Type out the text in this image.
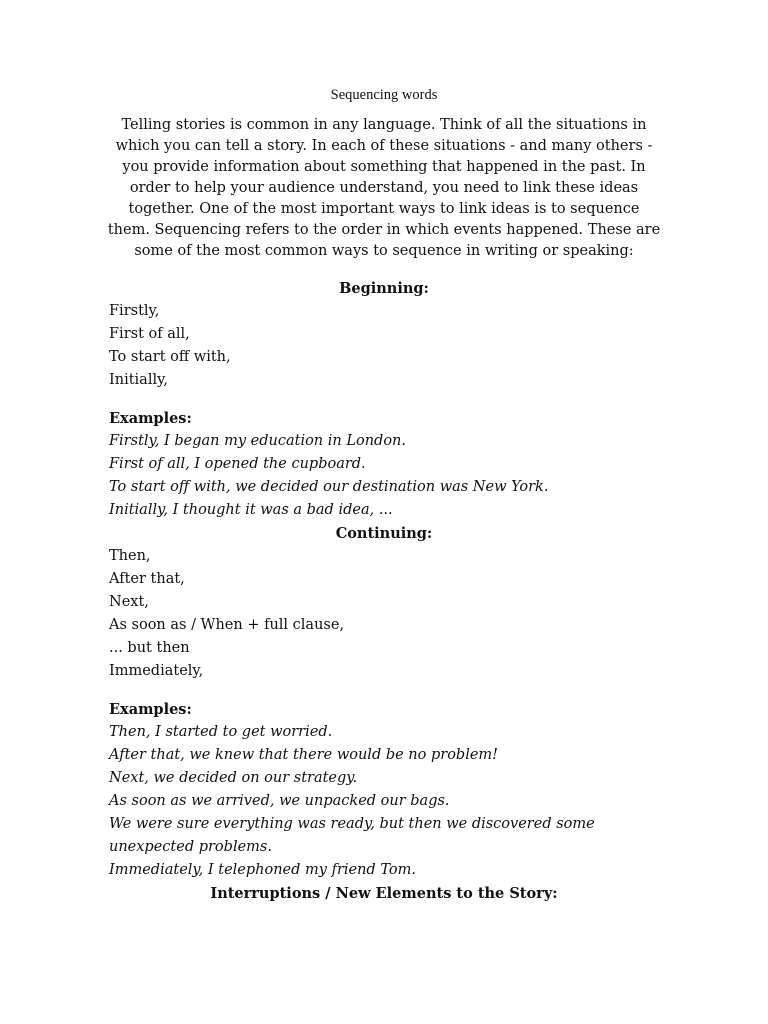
Sequencing words
Telling stories is common in any language. Think of all the situations in
which you can tell a story. In each of these situations - and many others -
you provide information about something that happened in the past. In
order to help your audience understand, you need to link these ideas
together. One of the most important ways to link ideas is to sequence
them. Sequencing refers to the order in which events happened. These are
some of the most common ways to sequence in writing or speaking:
Beginning:
Firstly,
First of all,
To start off with,
Initially,
Examples:
Firstly, I began my education in London.
First of all, I opened the cupboard.
To start off with, we decided our destination was New York.
Initially, I thought it was a bad idea, ...
Continuing:
Then,
After that,
Next,
As soon as / When + full clause,
... but then
Immediately,
Examples:
Then, I started to get worried.
After that, we knew that there would be no problem!
Next, we decided on our strategy.
As soon as we arrived, we unpacked our bags.
We were sure everything was ready, but then we discovered some
unexpected problems.
Immediately, I telephoned my friend Tom.
Interruptions / New Elements to the Story:
